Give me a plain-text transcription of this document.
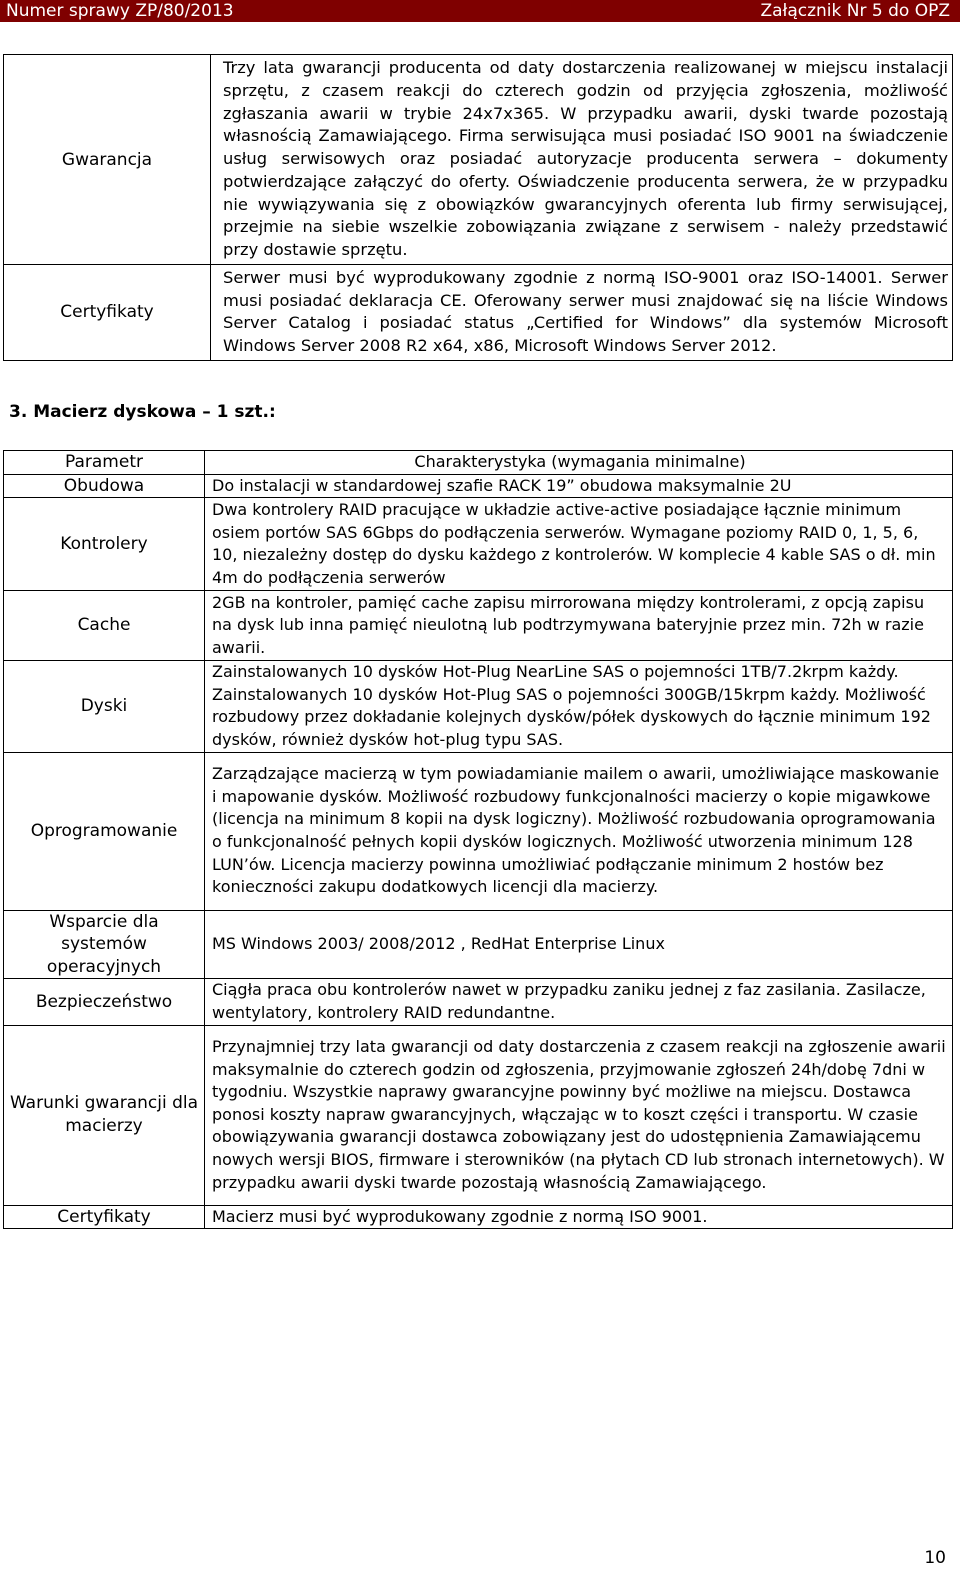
Numer sprawy ZP/80/2013	Załącznik Nr 5 do OPZ
Gwarancja	Trzy lata gwarancji producenta od daty dostarczenia realizowanej w miejscu instalacji sprzętu, z czasem reakcji do czterech godzin od przyjęcia zgłoszenia, możliwość zgłaszania awarii w trybie 24x7x365. W przypadku awarii, dyski twarde pozostają własnością Zamawiającego. Firma serwisująca musi posiadać ISO 9001 na świadczenie usług serwisowych oraz posiadać autoryzacje producenta serwera – dokumenty potwierdzające załączyć do oferty. Oświadczenie producenta serwera, że w przypadku nie wywiązywania się z obowiązków gwarancyjnych oferenta lub firmy serwisującej, przejmie na siebie wszelkie zobowiązania związane z serwisem - należy przedstawić przy dostawie sprzętu.
Certyfikaty	Serwer musi być wyprodukowany zgodnie z normą ISO-9001 oraz ISO-14001. Serwer musi posiadać deklaracja CE. Oferowany serwer musi znajdować się na liście Windows Server Catalog i posiadać status „Certified for Windows” dla systemów Microsoft Windows Server 2008 R2 x64, x86, Microsoft Windows Server 2012.
3. Macierz dyskowa – 1 szt.:
Parametr	Charakterystyka (wymagania minimalne)
Obudowa	Do instalacji w standardowej szafie RACK 19” obudowa maksymalnie 2U
Kontrolery	Dwa kontrolery RAID pracujące w układzie active-active posiadające łącznie minimum osiem portów SAS 6Gbps do podłączenia serwerów. Wymagane poziomy RAID 0, 1, 5, 6, 10, niezależny dostęp do dysku każdego z kontrolerów. W komplecie 4 kable SAS o dł. min 4m do podłączenia serwerów
Cache	2GB na kontroler, pamięć cache zapisu mirrorowana między kontrolerami, z opcją zapisu na dysk lub inna pamięć nieulotną lub podtrzymywana bateryjnie przez min. 72h w razie awarii.
Dyski	Zainstalowanych 10 dysków Hot-Plug NearLine SAS o pojemności 1TB/7.2krpm każdy. Zainstalowanych 10 dysków Hot-Plug SAS o pojemności 300GB/15krpm każdy. Możliwość rozbudowy przez dokładanie kolejnych dysków/półek dyskowych do łącznie minimum 192 dysków, również dysków hot-plug typu SAS.
Oprogramowanie	Zarządzające macierzą w tym powiadamianie mailem o awarii, umożliwiające maskowanie i mapowanie dysków. Możliwość rozbudowy funkcjonalności macierzy o kopie migawkowe (licencja na minimum 8 kopii na dysk logiczny). Możliwość rozbudowania oprogramowania o funkcjonalność pełnych kopii dysków logicznych. Możliwość utworzenia minimum 128 LUN’ów. Licencja macierzy powinna umożliwiać podłączanie minimum 2 hostów bez konieczności zakupu dodatkowych licencji dla macierzy.
Wsparcie dla systemów operacyjnych	MS Windows 2003/ 2008/2012 , RedHat Enterprise Linux
Bezpieczeństwo	Ciągła praca obu kontrolerów nawet w przypadku zaniku jednej z faz zasilania. Zasilacze, wentylatory, kontrolery RAID redundantne.
Warunki gwarancji dla macierzy	Przynajmniej trzy lata gwarancji od daty dostarczenia z czasem reakcji na zgłoszenie awarii maksymalnie do czterech godzin od zgłoszenia, przyjmowanie zgłoszeń 24h/dobę 7dni w tygodniu. Wszystkie naprawy gwarancyjne powinny być możliwe na miejscu. Dostawca ponosi koszty napraw gwarancyjnych, włączając w to koszt części i transportu. W czasie obowiązywania gwarancji dostawca zobowiązany jest do udostępnienia Zamawiającemu nowych wersji BIOS, firmware i sterowników (na płytach CD lub stronach internetowych). W przypadku awarii dyski twarde pozostają własnością Zamawiającego.
Certyfikaty	Macierz musi być wyprodukowany zgodnie z normą ISO 9001.
10
